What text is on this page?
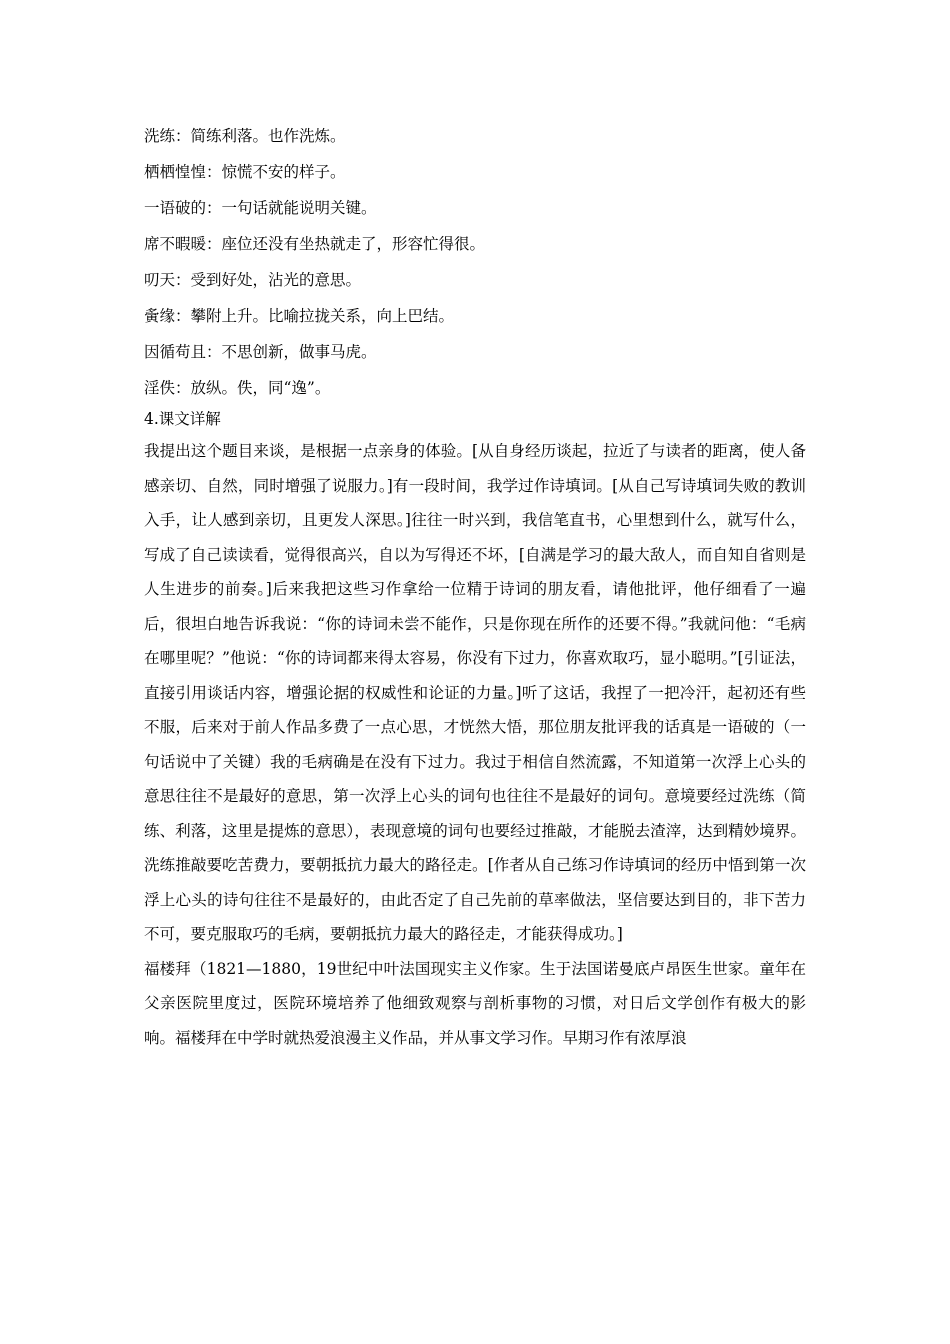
洗练：简练利落。也作洗炼。
栖栖惶惶：惊慌不安的样子。
一语破的：一句话就能说明关键。
席不暇暖：座位还没有坐热就走了，形容忙得很。
叨天：受到好处，沾光的意思。
夤缘：攀附上升。比喻拉拢关系，向上巴结。
因循苟且：不思创新，做事马虎。
淫佚：放纵。佚，同“逸”。
4.课文详解
我提出这个题目来谈，是根据一点亲身的体验。[从自身经历谈起，拉近了与读者的距离，使人备感亲切、自然，同时增强了说服力。]有一段时间，我学过作诗填词。[从自己写诗填词失败的教训入手，让人感到亲切，且更发人深思。]往往一时兴到，我信笔直书，心里想到什么，就写什么，写成了自己读读看，觉得很高兴，自以为写得还不坏，[自满是学习的最大敌人，而自知自省则是人生进步的前奏。]后来我把这些习作拿给一位精于诗词的朋友看，请他批评，他仔细看了一遍后，很坦白地告诉我说：“你的诗词未尝不能作，只是你现在所作的还要不得。”我就问他：“毛病在哪里呢？”他说：“你的诗词都来得太容易，你没有下过力，你喜欢取巧，显小聪明。”[引证法，直接引用谈话内容，增强论据的权威性和论证的力量。]听了这话，我捏了一把冷汗，起初还有些不服，后来对于前人作品多费了一点心思，才恍然大悟，那位朋友批评我的话真是一语破的（一句话说中了关键）我的毛病确是在没有下过力。我过于相信自然流露，不知道第一次浮上心头的意思往往不是最好的意思，第一次浮上心头的词句也往往不是最好的词句。意境要经过洗练（简练、利落，这里是提炼的意思），表现意境的词句也要经过推敲，才能脱去渣滓，达到精妙境界。洗练推敲要吃苦费力，要朝抵抗力最大的路径走。[作者从自己练习作诗填词的经历中悟到第一次浮上心头的诗句往往不是最好的，由此否定了自己先前的草率做法，坚信要达到目的，非下苦力不可，要克服取巧的毛病，要朝抵抗力最大的路径走，才能获得成功。]
福楼拜（1821—1880，19世纪中叶法国现实主义作家。生于法国诺曼底卢昂医生世家。童年在父亲医院里度过，医院环境培养了他细致观察与剖析事物的习惯，对日后文学创作有极大的影响。福楼拜在中学时就热爱浪漫主义作品，并从事文学习作。早期习作有浓厚浪
